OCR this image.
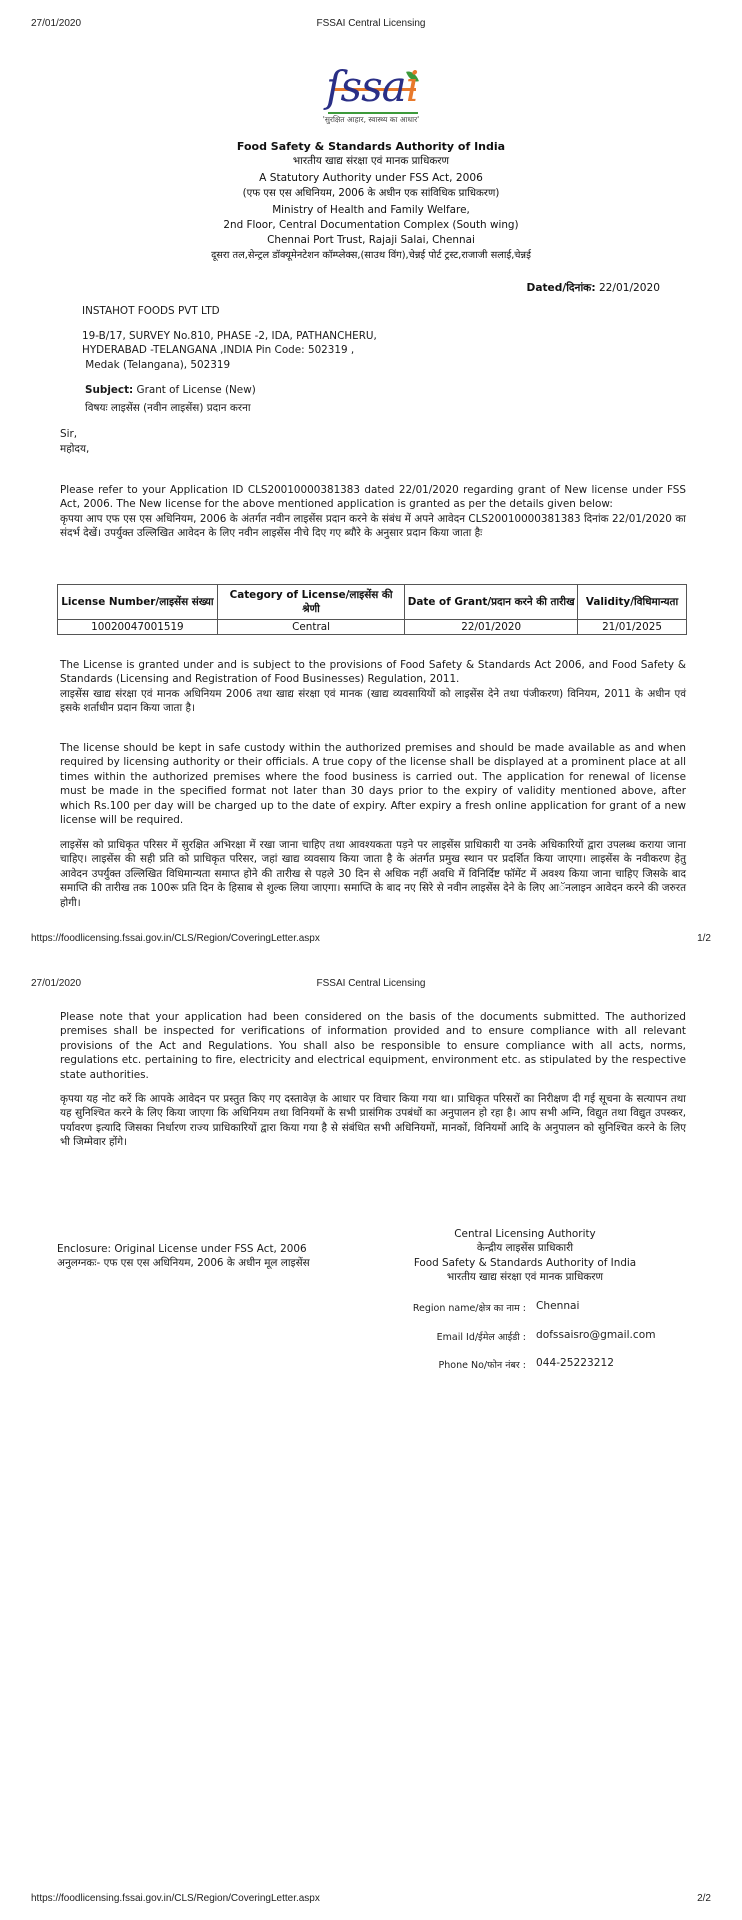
27/01/2020	FSSAI Central Licensing
ſssai
'सुरक्षित आहार, स्वास्थ्य का आधार'
Food Safety & Standards Authority of India
भारतीय खाद्य संरक्षा एवं मानक प्राधिकरण
A Statutory Authority under FSS Act, 2006
(एफ एस एस अधिनियम, 2006 के अधीन एक सांविधिक प्राधिकरण)
Ministry of Health and Family Welfare,
2nd Floor, Central Documentation Complex (South wing)
Chennai Port Trust, Rajaji Salai, Chennai
दूसरा तल,सेन्ट्रल डॉक्यूमेनटेशन कॉम्प्लेक्स,(साउथ विंग),चेन्नई पोर्ट ट्रस्ट,राजाजी सलाई,चेन्नई
Dated/दिनांक: 22/01/2020
INSTAHOT FOODS PVT LTD
19-B/17, SURVEY No.810, PHASE -2, IDA, PATHANCHERU,
HYDERABAD -TELANGANA ,INDIA Pin Code: 502319 ,
Medak (Telangana), 502319
Subject: Grant of License (New)
विषयः लाइसेंस (नवीन लाइसेंस) प्रदान करना
Sir,
महोदय,
Please refer to your Application ID CLS20010000381383 dated 22/01/2020 regarding grant of New license under FSS Act, 2006. The New license for the above mentioned application is granted as per the details given below:
कृपया आप एफ एस एस अधिनियम, 2006 के अंतर्गत नवीन लाइसेंस प्रदान करने के संबंध में अपने आवेदन CLS20010000381383 दिनांक 22/01/2020 का संदर्भ देखें। उपर्युक्त उल्लिखित आवेदन के लिए नवीन लाइसेंस नीचे दिए गए ब्यौरे के अनुसार प्रदान किया जाता हैः
License Number/लाइसेंस संख्या	Category of License/लाइसेंस की श्रेणी	Date of Grant/प्रदान करने की तारीख	Validity/विधिमान्यता
10020047001519	Central	22/01/2020	21/01/2025
The License is granted under and is subject to the provisions of Food Safety & Standards Act 2006, and Food Safety & Standards (Licensing and Registration of Food Businesses) Regulation, 2011.
लाइसेंस खाद्य संरक्षा एवं मानक अधिनियम 2006 तथा खाद्य संरक्षा एवं मानक (खाद्य व्यवसायियों को लाइसेंस देने तथा पंजीकरण) विनियम, 2011 के अधीन एवं इसके शर्ताधीन प्रदान किया जाता है।
The license should be kept in safe custody within the authorized premises and should be made available as and when required by licensing authority or their officials. A true copy of the license shall be displayed at a prominent place at all times within the authorized premises where the food business is carried out. The application for renewal of license must be made in the specified format not later than 30 days prior to the expiry of validity mentioned above, after which Rs.100 per day will be charged up to the date of expiry. After expiry a fresh online application for grant of a new license will be required.
लाइसेंस को प्राधिकृत परिसर में सुरक्षित अभिरक्षा में रखा जाना चाहिए तथा आवश्यकता पड़ने पर लाइसेंस प्राधिकारी या उनके अधिकारियों द्वारा उपलब्ध कराया जाना चाहिए। लाइसेंस की सही प्रति को प्राधिकृत परिसर, जहां खाद्य व्यवसाय किया जाता है के अंतर्गत प्रमुख स्थान पर प्रदर्शित किया जाएगा। लाइसेंस के नवीकरण हेतु आवेदन उपर्युक्त उल्लिखित विधिमान्यता समाप्त होने की तारीख से पहले 30 दिन से अधिक नहीं अवधि में विनिर्दिष्ट फॉमेंट में अवश्य किया जाना चाहिए जिसके बाद समाप्ति की तारीख तक 100रू प्रति दिन के हिसाब से शुल्क लिया जाएगा। समाप्ति के बाद नए सिरे से नवीन लाइसेंस देने के लिए आॅनलाइन आवेदन करने की जरुरत होगी।
https://foodlicensing.fssai.gov.in/CLS/Region/CoveringLetter.aspx	1/2
27/01/2020	FSSAI Central Licensing
Please note that your application had been considered on the basis of the documents submitted. The authorized premises shall be inspected for verifications of information provided and to ensure compliance with all relevant provisions of the Act and Regulations. You shall also be responsible to ensure compliance with all acts, norms, regulations etc. pertaining to fire, electricity and electrical equipment, environment etc. as stipulated by the respective state authorities.
कृपया यह नोट करें कि आपके आवेदन पर प्रस्तुत किए गए दस्तावेज़ के आधार पर विचार किया गया था। प्राधिकृत परिसरों का निरीक्षण दी गई सूचना के सत्यापन तथा यह सुनिश्चित करने के लिए किया जाएगा कि अधिनियम तथा विनियमों के सभी प्रासंगिक उपबंधों का अनुपालन हो रहा है। आप सभी अग्नि, विद्युत तथा विद्युत उपस्कर, पर्यावरण इत्यादि जिसका निर्धारण राज्य प्राधिकारियों द्वारा किया गया है से संबंधित सभी अधिनियमों, मानकों, विनियमों आदि के अनुपालन को सुनिश्चित करने के लिए भी जिम्मेवार होंगे।
Enclosure: Original License under FSS Act, 2006
अनुलग्नकः- एफ एस एस अधिनियम, 2006 के अधीन मूल लाइसेंस
Central Licensing Authority
केन्द्रीय लाइसेंस प्राधिकारी
Food Safety & Standards Authority of India
भारतीय खाद्य संरक्षा एवं मानक प्राधिकरण
Region name/क्षेत्र का नाम : Chennai
Email Id/ईमेल आईडी : dofssaisro@gmail.com
Phone No/फोन नंबर : 044-25223212
https://foodlicensing.fssai.gov.in/CLS/Region/CoveringLetter.aspx	2/2
